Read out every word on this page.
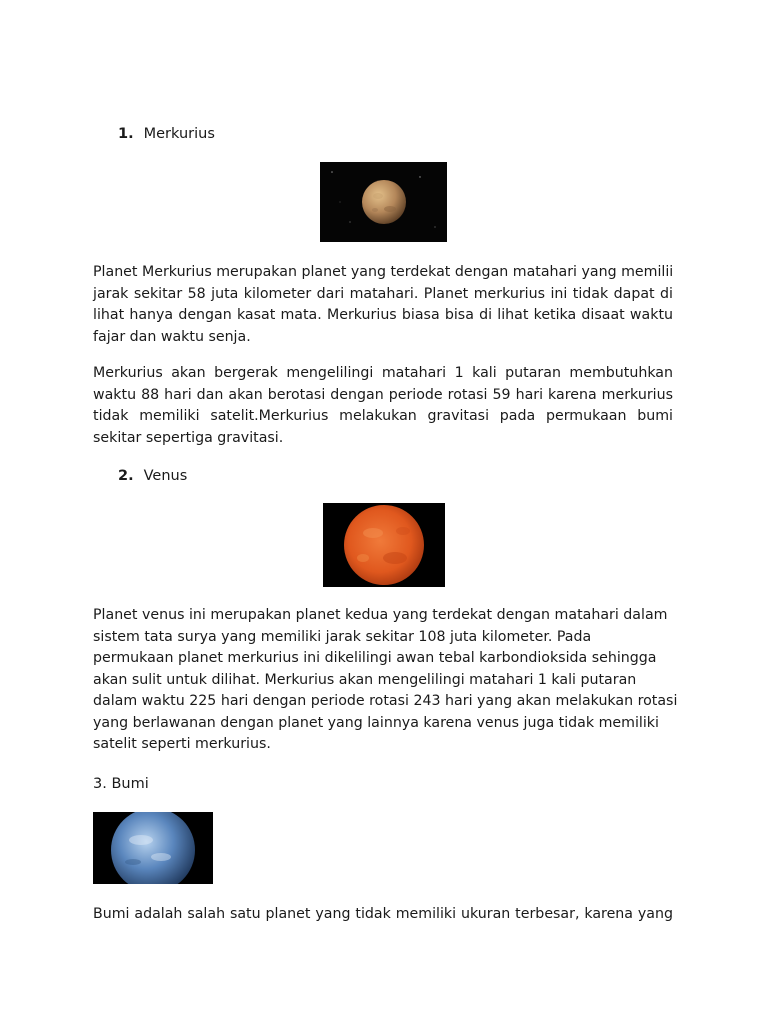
1. Merkurius

Planet Merkurius merupakan planet yang terdekat dengan matahari yang memilii
jarak sekitar 58 juta kilometer dari matahari. Planet merkurius ini tidak dapat di
lihat hanya dengan kasat mata. Merkurius biasa bisa di lihat ketika disaat waktu
fajar dan waktu senja.

Merkurius akan bergerak mengelilingi matahari 1 kali putaran membutuhkan
waktu 88 hari dan akan berotasi dengan periode rotasi 59 hari karena merkurius
tidak memiliki satelit.Merkurius melakukan gravitasi pada permukaan bumi
sekitar sepertiga gravitasi.

2. Venus

Planet venus ini merupakan planet kedua yang terdekat dengan matahari dalam
sistem tata surya yang memiliki jarak sekitar 108 juta kilometer. Pada
permukaan planet merkurius ini dikelilingi awan tebal karbondioksida sehingga
akan sulit untuk dilihat. Merkurius akan mengelilingi matahari 1 kali putaran
dalam waktu 225 hari dengan periode rotasi 243 hari yang akan melakukan rotasi
yang berlawanan dengan planet yang lainnya karena venus juga tidak memiliki
satelit seperti merkurius.

3. Bumi

Bumi adalah salah satu planet yang tidak memiliki ukuran terbesar, karena yang
